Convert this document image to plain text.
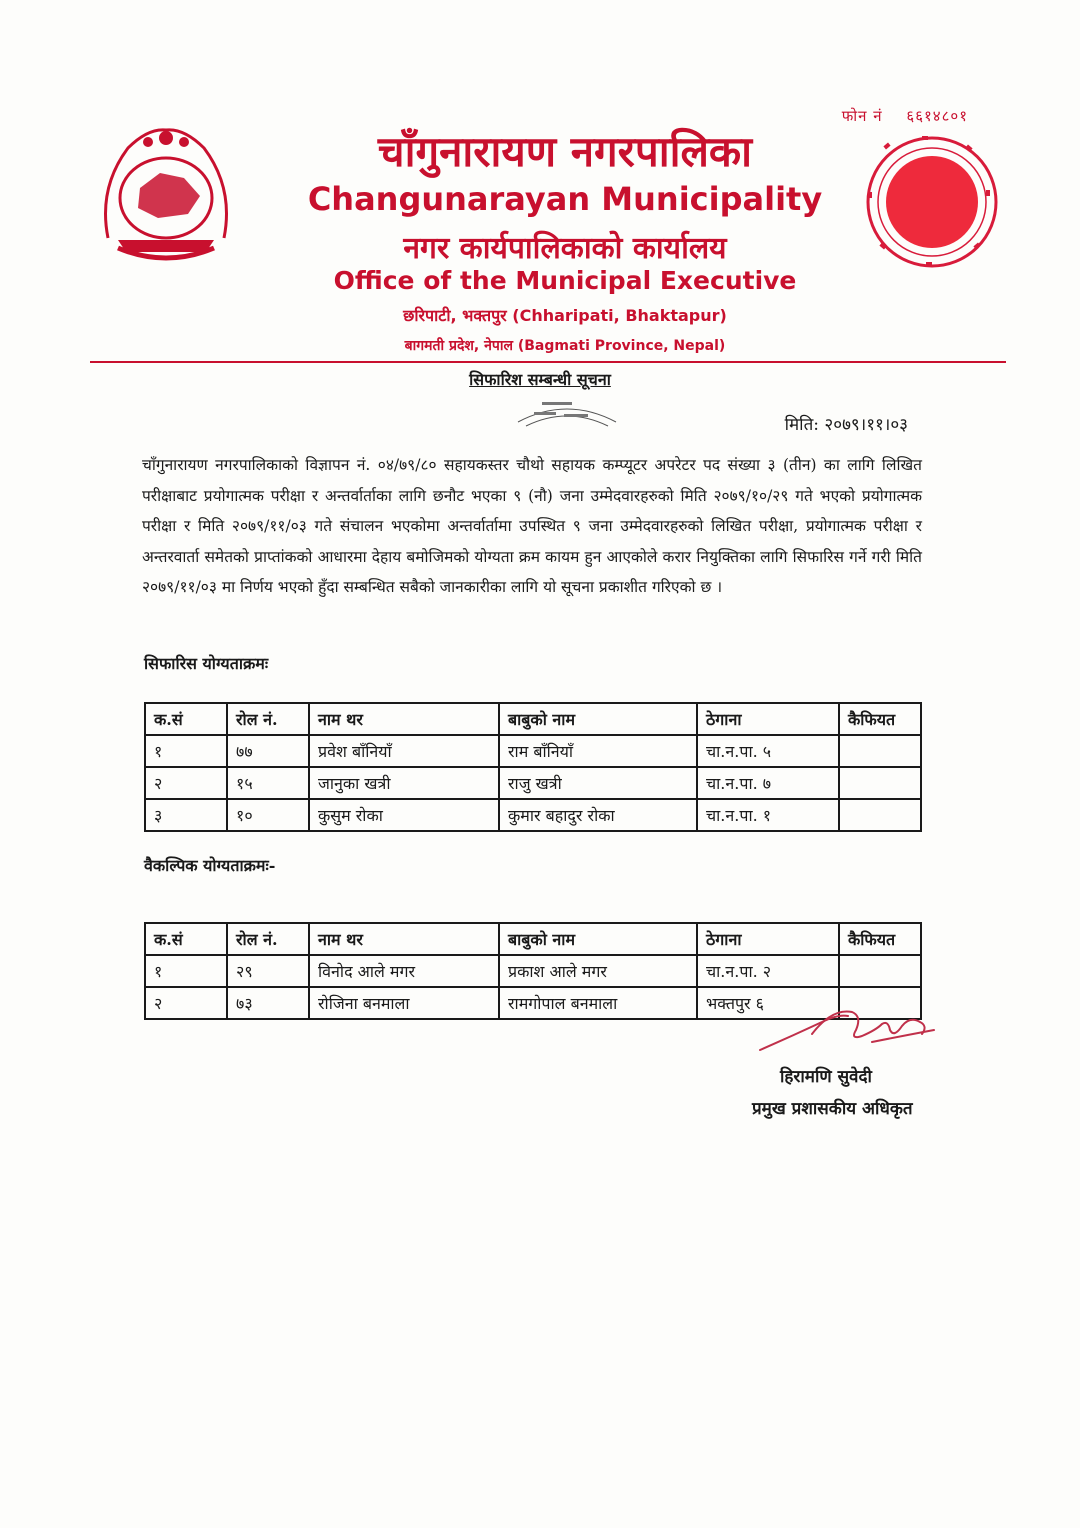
फोन नं ६६१४८०१
चाँगुनारायण नगरपालिका
Changunarayan Municipality
नगर कार्यपालिकाको कार्यालय
Office of the Municipal Executive
छरिपाटी, भक्तपुर (Chharipati, Bhaktapur)
बागमती प्रदेश, नेपाल (Bagmati Province, Nepal)
सिफारिश सम्बन्धी सूचना
मिति: २०७९।११।०३
चाँगुनारायण नगरपालिकाको विज्ञापन नं. ०४/७९/८० सहायकस्तर चौथो सहायक कम्प्यूटर अपरेटर पद संख्या ३ (तीन) का लागि लिखित परीक्षाबाट प्रयोगात्मक परीक्षा र अन्तर्वार्ताका लागि छनौट भएका ९ (नौ) जना उम्मेदवारहरुको मिति २०७९/१०/२९ गते भएको प्रयोगात्मक परीक्षा र मिति २०७९/११/०३ गते संचालन भएकोमा अन्तर्वार्तामा उपस्थित ९ जना उम्मेदवारहरुको लिखित परीक्षा, प्रयोगात्मक परीक्षा र अन्तरवार्ता समेतको प्राप्तांकको आधारमा देहाय बमोजिमको योग्यता क्रम कायम हुन आएकोले करार नियुक्तिका लागि सिफारिस गर्ने गरी मिति २०७९/११/०३ मा निर्णय भएको हुँदा सम्बन्धित सबैको जानकारीका लागि यो सूचना प्रकाशीत गरिएको छ ।
सिफारिस योग्यताक्रमः
क.सं	रोल नं.	नाम थर	बाबुको नाम	ठेगाना	कैफियत
१	७७	प्रवेश बाँनियाँ	राम बाँनियाँ	चा.न.पा. ५	
२	१५	जानुका खत्री	राजु खत्री	चा.न.पा. ७	
३	१०	कुसुम रोका	कुमार बहादुर रोका	चा.न.पा. १	
वैकल्पिक योग्यताक्रमः-
क.सं	रोल नं.	नाम थर	बाबुको नाम	ठेगाना	कैफियत
१	२९	विनोद आले मगर	प्रकाश आले मगर	चा.न.पा. २	
२	७३	रोजिना बनमाला	रामगोपाल बनमाला	भक्तपुर ६	
हिरामणि सुवेदी
प्रमुख प्रशासकीय अधिकृत
